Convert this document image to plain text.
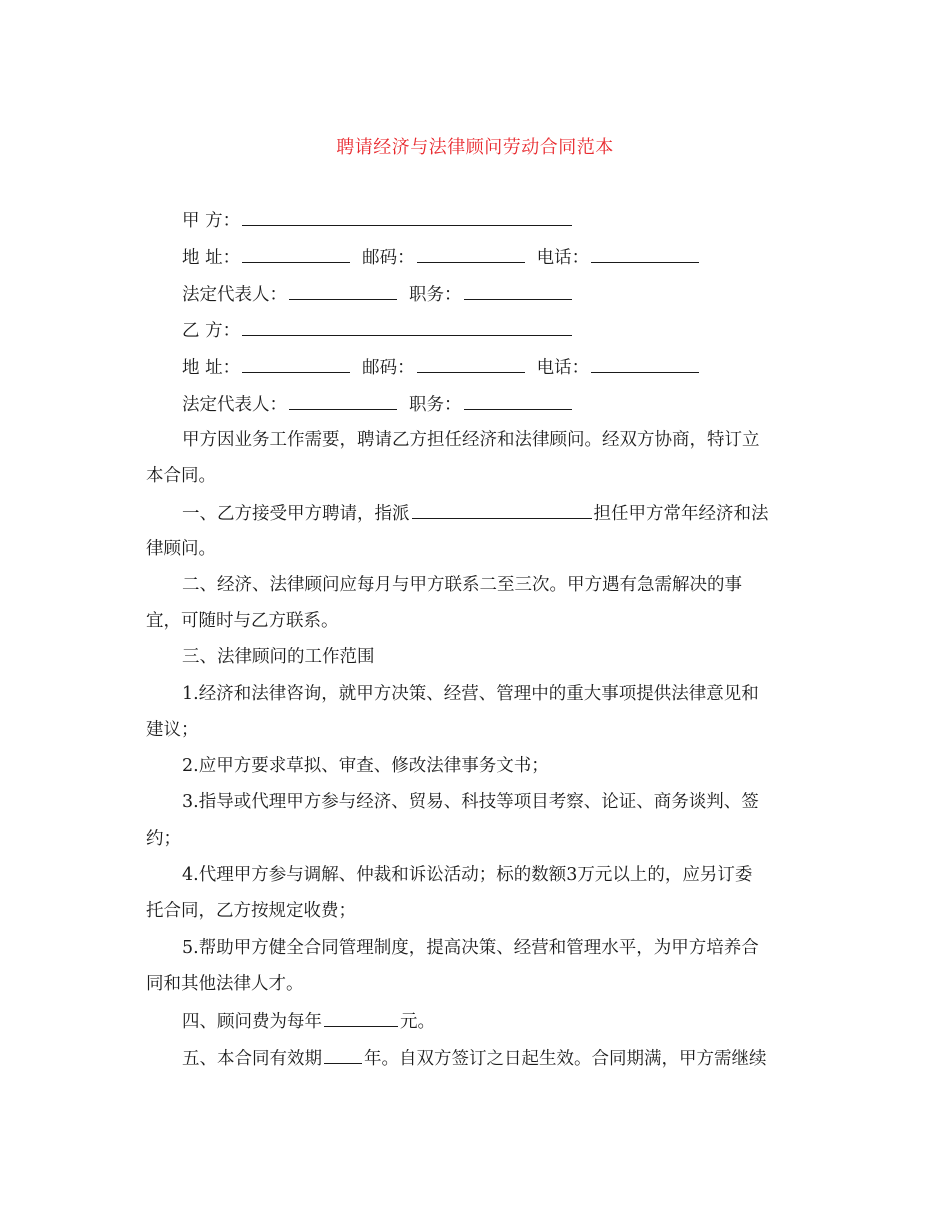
聘请经济与法律顾问劳动合同范本
甲 方：
地 址：	邮码：	电话：
法定代表人：	职务：
乙 方：
地 址：	邮码：	电话：
法定代表人：	职务：
甲方因业务工作需要，聘请乙方担任经济和法律顾问。经双方协商，特订立
本合同。
一、乙方接受甲方聘请，指派	担任甲方常年经济和法
律顾问。
二、经济、法律顾问应每月与甲方联系二至三次。甲方遇有急需解决的事
宜，可随时与乙方联系。
三、法律顾问的工作范围
1.经济和法律咨询，就甲方决策、经营、管理中的重大事项提供法律意见和
建议；
2.应甲方要求草拟、审查、修改法律事务文书；
3.指导或代理甲方参与经济、贸易、科技等项目考察、论证、商务谈判、签
约；
4.代理甲方参与调解、仲裁和诉讼活动；标的数额3万元以上的，应另订委
托合同，乙方按规定收费；
5.帮助甲方健全合同管理制度，提高决策、经营和管理水平，为甲方培养合
同和其他法律人才。
四、顾问费为每年	元。
五、本合同有效期 年。自双方签订之日起生效。合同期满，甲方需继续
